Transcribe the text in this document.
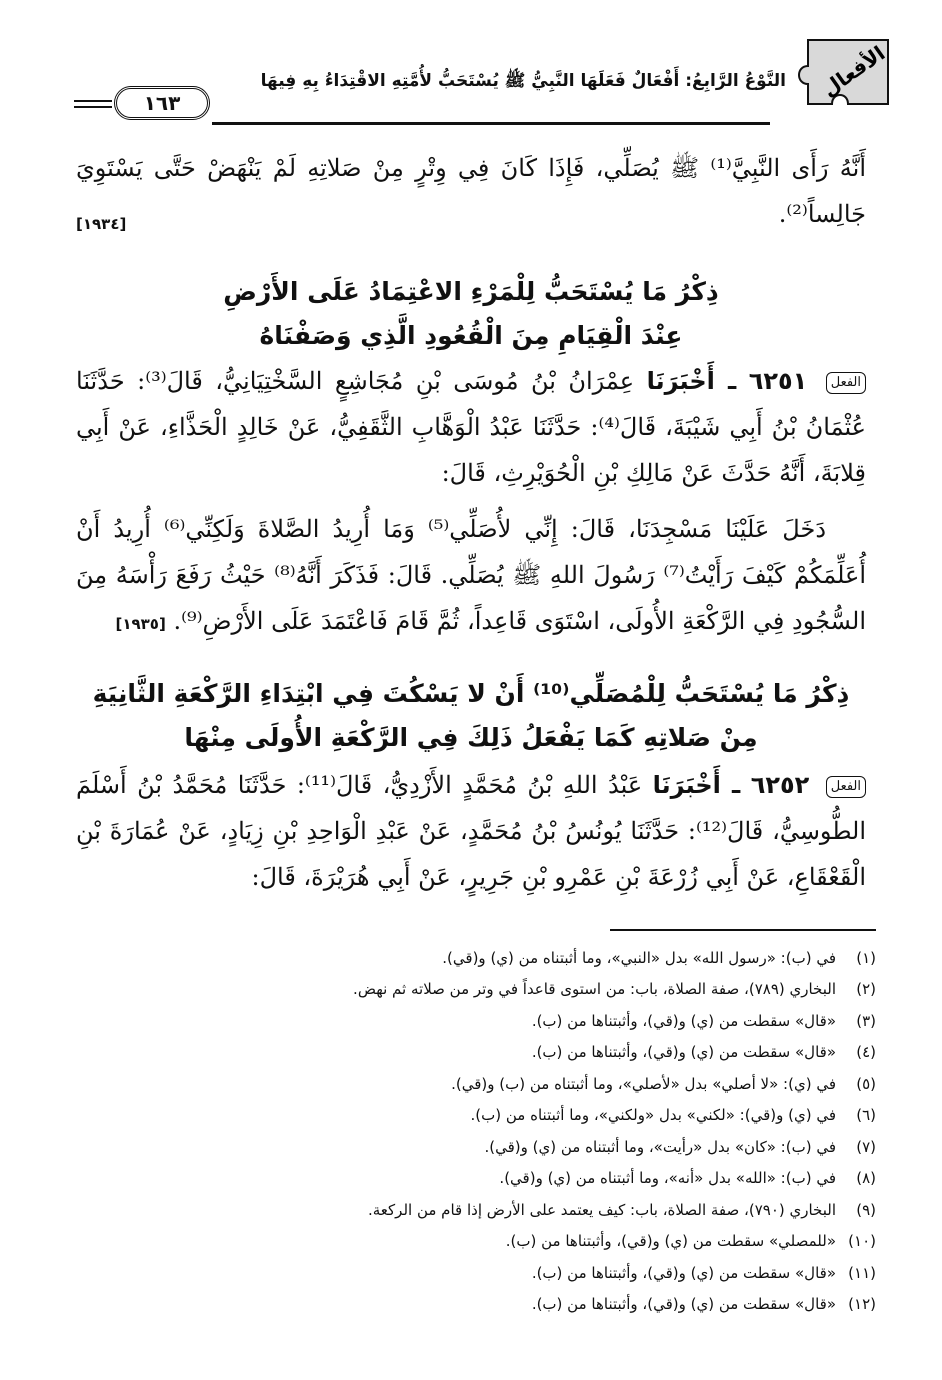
الأفعال
النَّوْعُ الرَّابِعُ: أَفْعَالٌ فَعَلَهَا النَّبِيُّ ﷺ يُسْتَحَبُّ لأُمَّتِهِ الاقْتِدَاءُ بِهِ فِيهَا
١٦٣

أَنَّهُ رَأَى النَّبِيَّ⁽¹⁾ ﷺ يُصَلِّي، فَإِذَا كَانَ فِي وِتْرٍ مِنْ صَلاتِهِ لَمْ يَنْهَضْ حَتَّى يَسْتَوِيَ جَالِساً⁽²⁾.
[١٩٣٤]

ذِكْرُ مَا يُسْتَحَبُّ لِلْمَرْءِ الاعْتِمَادُ عَلَى الأَرْضِ
عِنْدَ الْقِيَامِ مِنَ الْقُعُودِ الَّذِي وَصَفْنَاهُ

الفعل ٦٢٥١ ـ أَخْبَرَنَا عِمْرَانُ بْنُ مُوسَى بْنِ مُجَاشِعٍ السَّخْتِيَانِيُّ، قَالَ⁽³⁾: حَدَّثَنَا عُثْمَانُ بْنُ أَبِي شَيْبَةَ، قَالَ⁽⁴⁾: حَدَّثَنَا عَبْدُ الْوَهَّابِ الثَّقَفِيُّ، عَنْ خَالِدٍ الْحَذَّاءِ، عَنْ أَبِي قِلابَةَ، أَنَّهُ حَدَّثَ عَنْ مَالِكِ بْنِ الْحُوَيْرِثِ، قَالَ:

دَخَلَ عَلَيْنَا مَسْجِدَنَا، قَالَ: إِنِّي لأُصَلِّي⁽⁵⁾ وَمَا أُرِيدُ الصَّلاةَ وَلَكِنِّي⁽⁶⁾ أُرِيدُ أَنْ أُعَلِّمَكُمْ كَيْفَ رَأَيْتُ⁽⁷⁾ رَسُولَ اللهِ ﷺ يُصَلِّي. قَالَ: فَذَكَرَ أَنَّهُ⁽⁸⁾ حَيْثُ رَفَعَ رَأْسَهُ مِنَ السُّجُودِ فِي الرَّكْعَةِ الأُولَى، اسْتَوَى قَاعِداً، ثُمَّ قَامَ فَاعْتَمَدَ عَلَى الأَرْضِ⁽⁹⁾. [١٩٣٥]

ذِكْرُ مَا يُسْتَحَبُّ لِلْمُصَلِّي⁽¹⁰⁾ أَنْ لا يَسْكُتَ فِي ابْتِدَاءِ الرَّكْعَةِ الثَّانِيَةِ
مِنْ صَلاتِهِ كَمَا يَفْعَلُ ذَلِكَ فِي الرَّكْعَةِ الأُولَى مِنْهَا

الفعل ٦٢٥٢ ـ أَخْبَرَنَا عَبْدُ اللهِ بْنُ مُحَمَّدٍ الأَزْدِيُّ، قَالَ⁽¹¹⁾: حَدَّثَنَا مُحَمَّدُ بْنُ أَسْلَمَ الطُّوسِيُّ، قَالَ⁽¹²⁾: حَدَّثَنَا يُونُسُ بْنُ مُحَمَّدٍ، عَنْ عَبْدِ الْوَاحِدِ بْنِ زِيَادٍ، عَنْ عُمَارَةَ بْنِ الْقَعْقَاعِ، عَنْ أَبِي زُرْعَةَ بْنِ عَمْرِو بْنِ جَرِيرٍ، عَنْ أَبِي هُرَيْرَةَ، قَالَ:

(١)
في (ب): «رسول الله» بدل «النبي»، وما أثبتناه من (ي) و(قي).
(٢)
البخاري (٧٨٩)، صفة الصلاة، باب: من استوى قاعداً في وتر من صلاته ثم نهض.
(٣)
«قال» سقطت من (ي) و(قي)، وأثبتناها من (ب).
(٤)
«قال» سقطت من (ي) و(قي)، وأثبتناها من (ب).
(٥)
في (ي): «لا أصلي» بدل «لأصلي»، وما أثبتناه من (ب) و(قي).
(٦)
في (ي) و(قي): «لكني» بدل «ولكني»، وما أثبتناه من (ب).
(٧)
في (ب): «كان» بدل «رأيت»، وما أثبتناه من (ي) و(قي).
(٨)
في (ب): «الله» بدل «أنه»، وما أثبتناه من (ي) و(قي).
(٩)
البخاري (٧٩٠)، صفة الصلاة، باب: كيف يعتمد على الأرض إذا قام من الركعة.
(١٠)
«للمصلي» سقطت من (ي) و(قي)، وأثبتناها من (ب).
(١١)
«قال» سقطت من (ي) و(قي)، وأثبتناها من (ب).
(١٢)
«قال» سقطت من (ي) و(قي)، وأثبتناها من (ب).
